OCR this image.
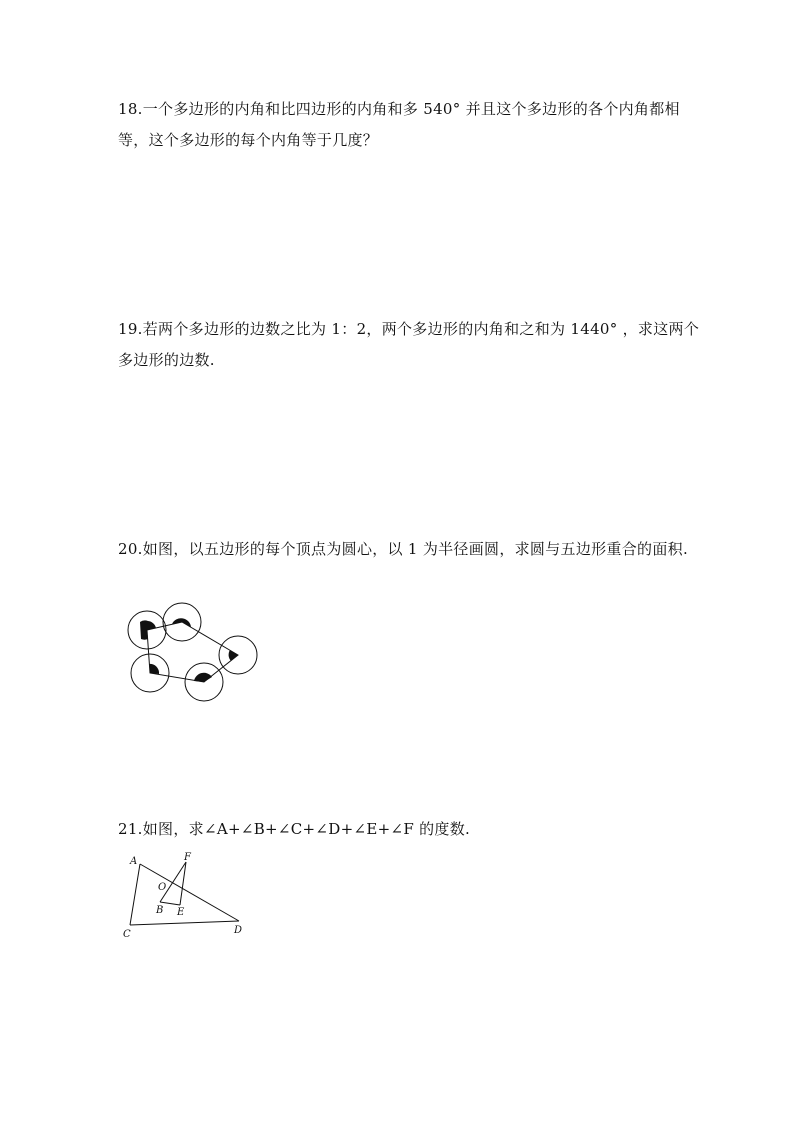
18.一个多边形的内角和比四边形的内角和多 540° 并且这个多边形的各个内角都相等，这个多边形的每个内角等于几度？
19.若两个多边形的边数之比为 1：2，两个多边形的内角和之和为 1440° ，求这两个多边形的边数.
20.如图，以五边形的每个顶点为圆心，以 1 为半径画圆，求圆与五边形重合的面积.
21.如图，求∠A+∠B+∠C+∠D+∠E+∠F 的度数.
A	F
O
B E
C	D
